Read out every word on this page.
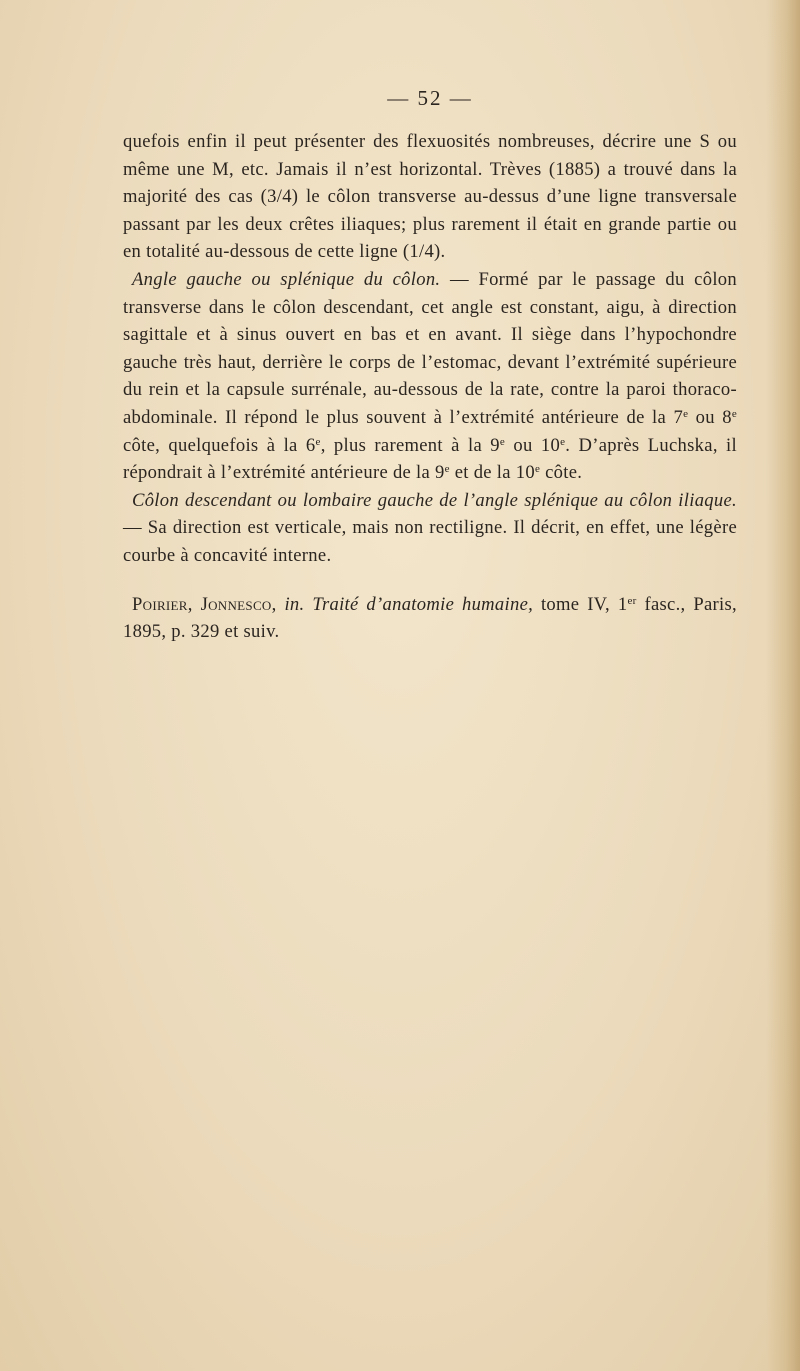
— 52 —

quefois enfin il peut présenter des flexuosités nombreuses, décrire une S ou même une M, etc. Jamais il n’est horizontal. Trèves (1885) a trouvé dans la majorité des cas (3/4) le côlon transverse au-dessus d’une ligne transversale passant par les deux crêtes iliaques; plus rarement il était en grande partie ou en totalité au-dessous de cette ligne (1/4).

Angle gauche ou splénique du côlon. — Formé par le passage du côlon transverse dans le côlon descendant, cet angle est constant, aigu, à direction sagittale et à sinus ouvert en bas et en avant. Il siège dans l’hypochondre gauche très haut, derrière le corps de l’estomac, devant l’extrémité supérieure du rein et la capsule surrénale, au-dessous de la rate, contre la paroi thoraco-abdominale. Il répond le plus souvent à l’extrémité antérieure de la 7e ou 8e côte, quelquefois à la 6e, plus rarement à la 9e ou 10e. D’après Luchska, il répondrait à l’extrémité antérieure de la 9e et de la 10e côte.

Côlon descendant ou lombaire gauche de l’angle splénique au côlon iliaque. — Sa direction est verticale, mais non rectiligne. Il décrit, en effet, une légère courbe à concavité interne.

Poirier, Jonnesco, in. Traité d’anatomie humaine, tome IV, 1er fasc., Paris, 1895, p. 329 et suiv.
